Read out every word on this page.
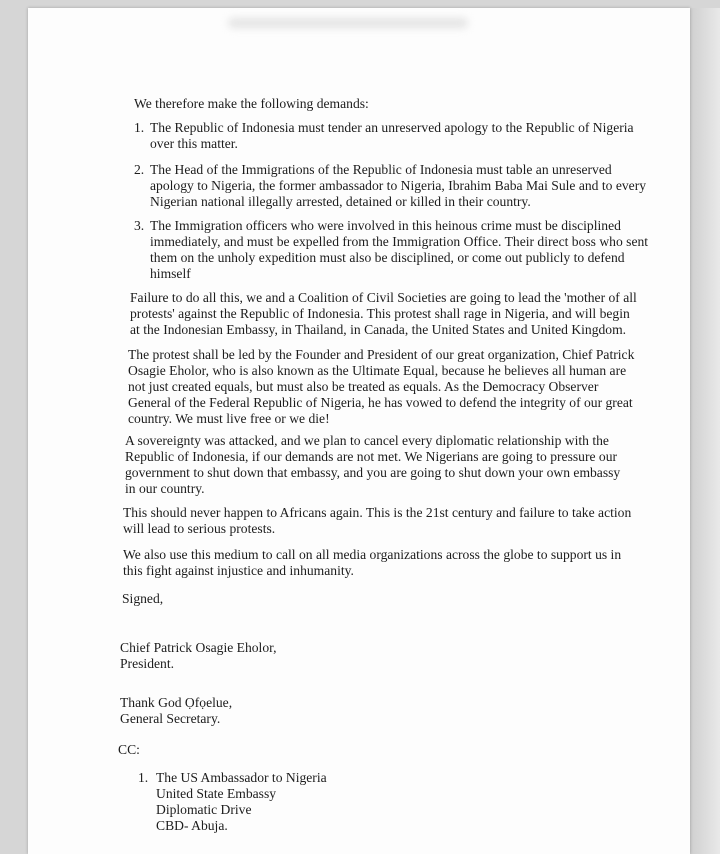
We therefore make the following demands:
1. The Republic of Indonesia must tender an unreserved apology to the Republic of Nigeria
over this matter.
2. The Head of the Immigrations of the Republic of Indonesia must table an unreserved
apology to Nigeria, the former ambassador to Nigeria, Ibrahim Baba Mai Sule and to every
Nigerian national illegally arrested, detained or killed in their country.
3. The Immigration officers who were involved in this heinous crime must be disciplined
immediately, and must be expelled from the Immigration Office. Their direct boss who sent
them on the unholy expedition must also be disciplined, or come out publicly to defend
himself
Failure to do all this, we and a Coalition of Civil Societies are going to lead the 'mother of all
protests' against the Republic of Indonesia. This protest shall rage in Nigeria, and will begin
at the Indonesian Embassy, in Thailand, in Canada, the United States and United Kingdom.
The protest shall be led by the Founder and President of our great organization, Chief Patrick
Osagie Eholor, who is also known as the Ultimate Equal, because he believes all human are
not just created equals, but must also be treated as equals. As the Democracy Observer
General of the Federal Republic of Nigeria, he has vowed to defend the integrity of our great
country. We must live free or we die!
A sovereignty was attacked, and we plan to cancel every diplomatic relationship with the
Republic of Indonesia, if our demands are not met. We Nigerians are going to pressure our
government to shut down that embassy, and you are going to shut down your own embassy
in our country.
This should never happen to Africans again. This is the 21st century and failure to take action
will lead to serious protests.
We also use this medium to call on all media organizations across the globe to support us in
this fight against injustice and inhumanity.
Signed,
Chief Patrick Osagie Eholor,
President.
Thank God Ọfọelue,
General Secretary.
CC:
1. The US Ambassador to Nigeria
United State Embassy
Diplomatic Drive
CBD- Abuja.
